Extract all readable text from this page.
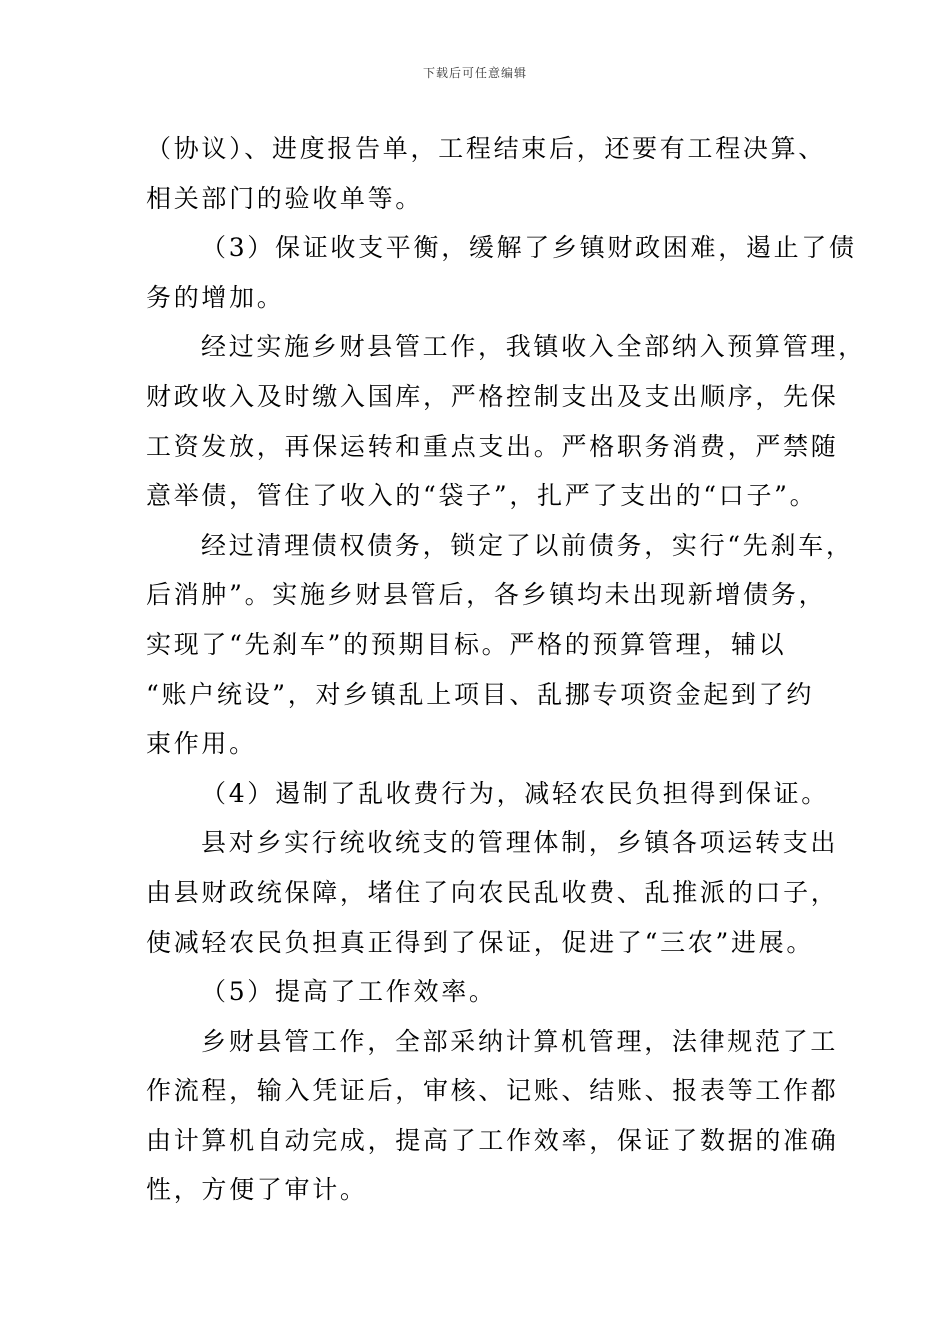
下载后可任意编辑
（协议）、进度报告单，工程结束后，还要有工程决算、
相关部门的验收单等。
（3）保证收支平衡，缓解了乡镇财政困难，遏止了债
务的增加。
经过实施乡财县管工作，我镇收入全部纳入预算管理，
财政收入及时缴入国库，严格控制支出及支出顺序，先保
工资发放，再保运转和重点支出。严格职务消费，严禁随
意举债，管住了收入的“袋子”，扎严了支出的“口子”。
经过清理债权债务，锁定了以前债务，实行“先刹车，
后消肿”。实施乡财县管后，各乡镇均未出现新增债务，
实现了“先刹车”的预期目标。严格的预算管理，辅以
“账户统设”，对乡镇乱上项目、乱挪专项资金起到了约
束作用。
（4）遏制了乱收费行为，减轻农民负担得到保证。
县对乡实行统收统支的管理体制，乡镇各项运转支出
由县财政统保障，堵住了向农民乱收费、乱推派的口子，
使减轻农民负担真正得到了保证，促进了“三农”进展。
（5）提高了工作效率。
乡财县管工作，全部采纳计算机管理，法律规范了工
作流程，输入凭证后，审核、记账、结账、报表等工作都
由计算机自动完成，提高了工作效率，保证了数据的准确
性，方便了审计。
